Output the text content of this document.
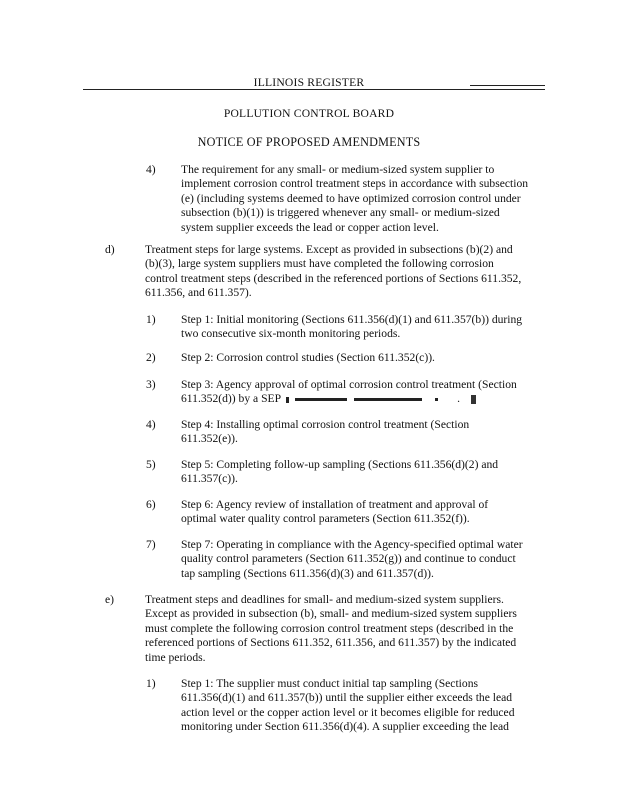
ILLINOIS REGISTER
POLLUTION CONTROL BOARD
NOTICE OF PROPOSED AMENDMENTS
4) The requirement for any small- or medium-sized system supplier to
implement corrosion control treatment steps in accordance with subsection
(e) (including systems deemed to have optimized corrosion control under
subsection (b)(1)) is triggered whenever any small- or medium-sized
system supplier exceeds the lead or copper action level.
d)	Treatment steps for large systems. Except as provided in subsections (b)(2) and
(b)(3), large system suppliers must have completed the following corrosion
control treatment steps (described in the referenced portions of Sections 611.352,
611.356, and 611.357).
1) Step 1: Initial monitoring (Sections 611.356(d)(1) and 611.357(b)) during
two consecutive six-month monitoring periods.
2) Step 2: Corrosion control studies (Section 611.352(c)).
3) Step 3: Agency approval of optimal corrosion control treatment (Section
611.352(d)) by a SEP	.
4) Step 4: Installing optimal corrosion control treatment (Section
611.352(e)).
5) Step 5: Completing follow-up sampling (Sections 611.356(d)(2) and
611.357(c)).
6) Step 6: Agency review of installation of treatment and approval of
optimal water quality control parameters (Section 611.352(f)).
7) Step 7: Operating in compliance with the Agency-specified optimal water
quality control parameters (Section 611.352(g)) and continue to conduct
tap sampling (Sections 611.356(d)(3) and 611.357(d)).
e)	Treatment steps and deadlines for small- and medium-sized system suppliers.
Except as provided in subsection (b), small- and medium-sized system suppliers
must complete the following corrosion control treatment steps (described in the
referenced portions of Sections 611.352, 611.356, and 611.357) by the indicated
time periods.
1) Step 1: The supplier must conduct initial tap sampling (Sections
611.356(d)(1) and 611.357(b)) until the supplier either exceeds the lead
action level or the copper action level or it becomes eligible for reduced
monitoring under Section 611.356(d)(4). A supplier exceeding the lead
